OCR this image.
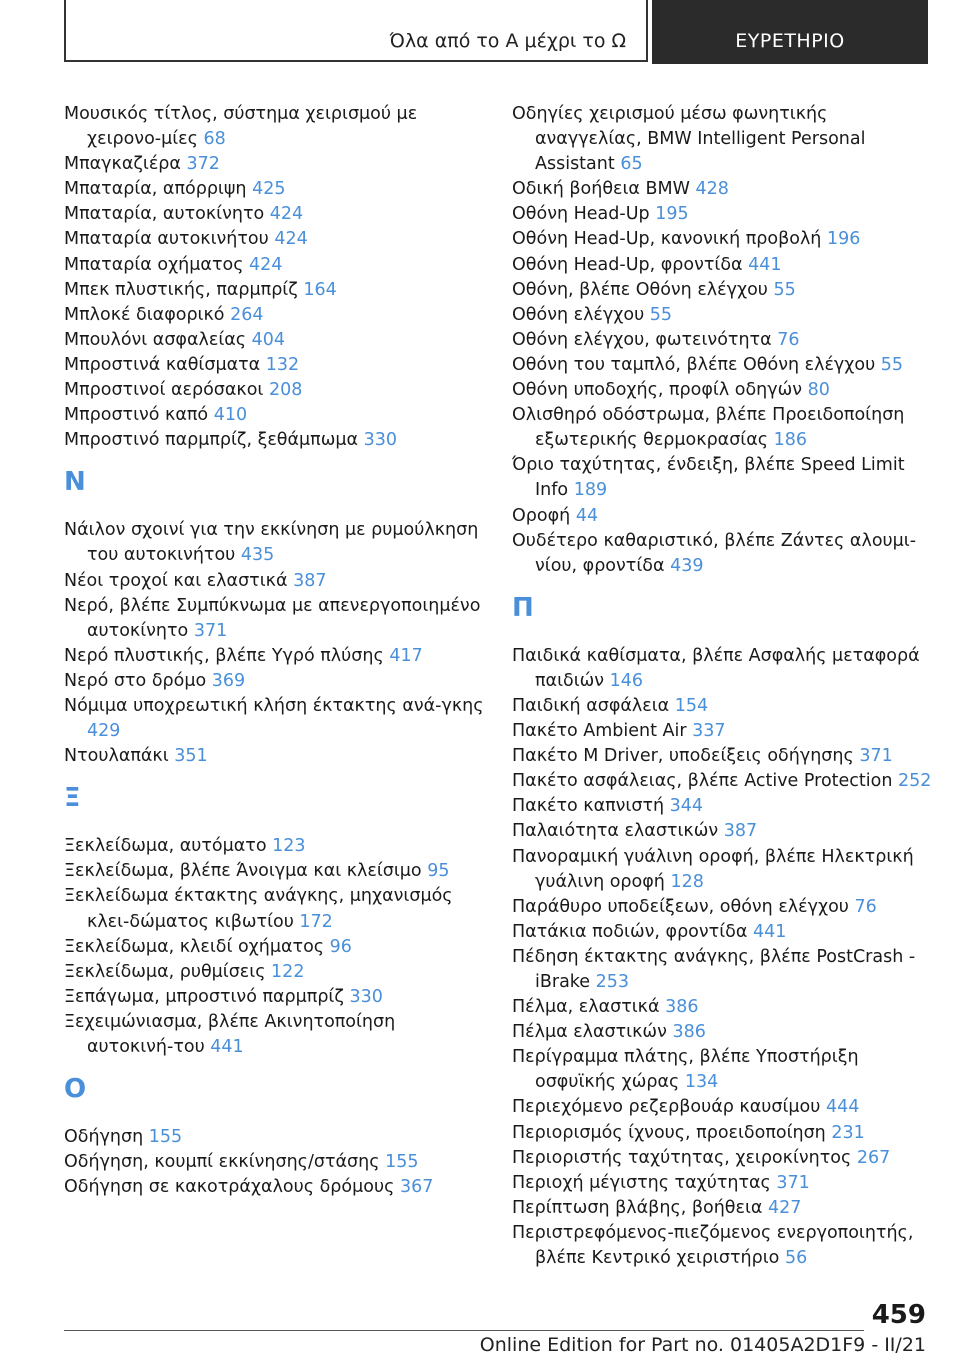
Όλα από το A μέχρι το Ω	ΕΥΡΕΤΗΡΙΟ
Μουσικός τίτλος, σύστημα χειρισμού με χειρονο‐μίες 68
Μπαγκαζιέρα 372
Μπαταρία, απόρριψη 425
Μπαταρία, αυτοκίνητο 424
Μπαταρία αυτοκινήτου 424
Μπαταρία οχήματος 424
Μπεκ πλυστικής, παρμπρίζ 164
Μπλοκέ διαφορικό 264
Μπουλόνι ασφαλείας 404
Μπροστινά καθίσματα 132
Μπροστινοί αερόσακοι 208
Μπροστινό καπό 410
Μπροστινό παρμπρίζ, ξεθάμπωμα 330
Ν
Νάιλον σχοινί για την εκκίνηση με ρυμούλκηση του αυτοκινήτου 435
Νέοι τροχοί και ελαστικά 387
Νερό, βλέπε Συμπύκνωμα με απενεργοποιημένο αυτοκίνητο 371
Νερό πλυστικής, βλέπε Υγρό πλύσης 417
Νερό στο δρόμο 369
Νόμιμα υποχρεωτική κλήση έκτακτης ανά‐γκης 429
Ντουλαπάκι 351
Ξ
Ξεκλείδωμα, αυτόματο 123
Ξεκλείδωμα, βλέπε Άνοιγμα και κλείσιμο 95
Ξεκλείδωμα έκτακτης ανάγκης, μηχανισμός κλει‐δώματος κιβωτίου 172
Ξεκλείδωμα, κλειδί οχήματος 96
Ξεκλείδωμα, ρυθμίσεις 122
Ξεπάγωμα, μπροστινό παρμπρίζ 330
Ξεχειμώνιασμα, βλέπε Ακινητοποίηση αυτοκινή‐του 441
Ο
Οδήγηση 155
Οδήγηση, κουμπί εκκίνησης/στάσης 155
Οδήγηση σε κακοτράχαλους δρόμους 367
Οδηγίες χειρισμού μέσω φωνητικής αναγγελίας, BMW Intelligent Personal Assistant 65
Οδική βοήθεια BMW 428
Οθόνη Head-Up 195
Οθόνη Head-Up, κανονική προβολή 196
Οθόνη Head-Up, φροντίδα 441
Οθόνη, βλέπε Οθόνη ελέγχου 55
Οθόνη ελέγχου 55
Οθόνη ελέγχου, φωτεινότητα 76
Οθόνη του ταμπλό, βλέπε Οθόνη ελέγχου 55
Οθόνη υποδοχής, προφίλ οδηγών 80
Ολισθηρό οδόστρωμα, βλέπε Προειδοποίηση εξωτερικής θερμοκρασίας 186
Όριο ταχύτητας, ένδειξη, βλέπε Speed Limit Info 189
Οροφή 44
Ουδέτερο καθαριστικό, βλέπε Ζάντες αλουμι‐νίου, φροντίδα 439
Π
Παιδικά καθίσματα, βλέπε Ασφαλής μεταφορά παιδιών 146
Παιδική ασφάλεια 154
Πακέτο Ambient Air 337
Πακέτο M Driver, υποδείξεις οδήγησης 371
Πακέτο ασφάλειας, βλέπε Active Protection 252
Πακέτο καπνιστή 344
Παλαιότητα ελαστικών 387
Πανοραμική γυάλινη οροφή, βλέπε Ηλεκτρική γυάλινη οροφή 128
Παράθυρο υποδείξεων, οθόνη ελέγχου 76
Πατάκια ποδιών, φροντίδα 441
Πέδηση έκτακτης ανάγκης, βλέπε PostCrash - iBrake 253
Πέλμα, ελαστικά 386
Πέλμα ελαστικών 386
Περίγραμμα πλάτης, βλέπε Υποστήριξη οσφυϊκής χώρας 134
Περιεχόμενο ρεζερβουάρ καυσίμου 444
Περιορισμός ίχνους, προειδοποίηση 231
Περιοριστής ταχύτητας, χειροκίνητος 267
Περιοχή μέγιστης ταχύτητας 371
Περίπτωση βλάβης, βοήθεια 427
Περιστρεφόμενος-πιεζόμενος ενεργοποιητής, βλέπε Κεντρικό χειριστήριο 56
459
Online Edition for Part no. 01405A2D1F9 - II/21
